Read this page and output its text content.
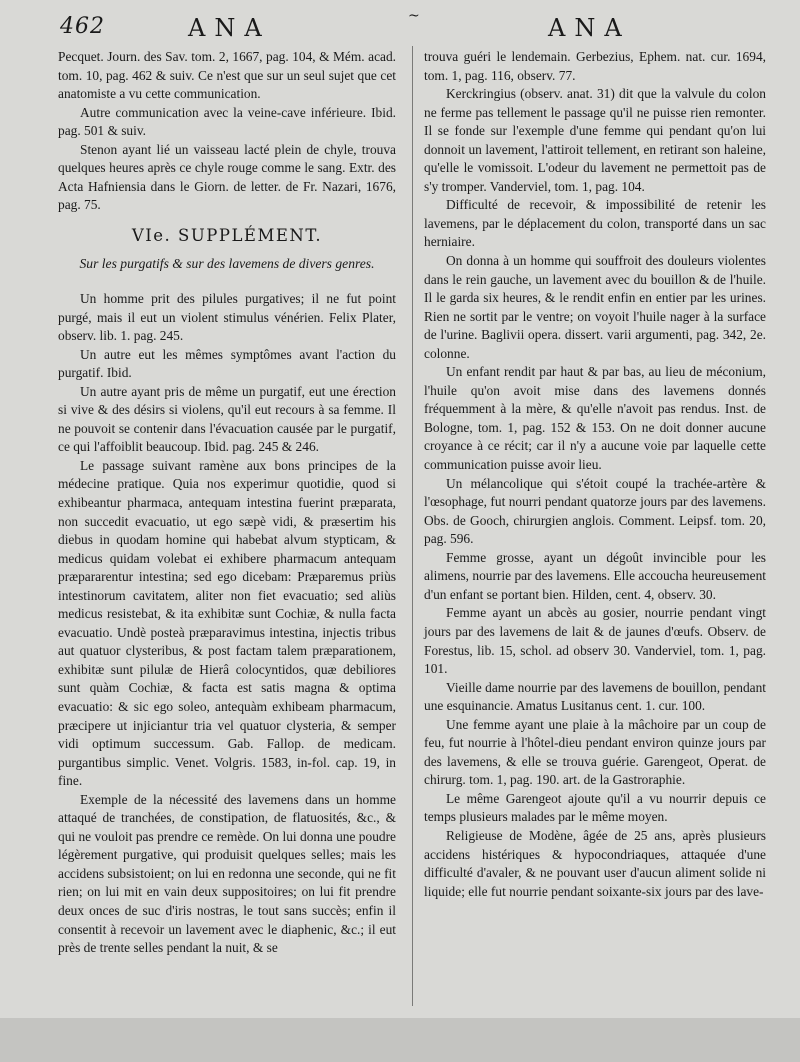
462	ANA	~	ANA

Pecquet. Journ. des Sav. tom. 2, 1667, pag. 104, & Mém. acad. tom. 10, pag. 462 & suiv. Ce n'est que sur un seul sujet que cet anatomiste a vu cette communication.

Autre communication avec la veine-cave inférieure. Ibid. pag. 501 & suiv.

Stenon ayant lié un vaisseau lacté plein de chyle, trouva quelques heures après ce chyle rouge comme le sang. Extr. des Acta Hafniensia dans le Giorn. de letter. de Fr. Nazari, 1676, pag. 75.

VIe. SUPPLÉMENT.
Sur les purgatifs & sur des lavemens de divers genres.

Un homme prit des pilules purgatives; il ne fut point purgé, mais il eut un violent stimulus vénérien. Felix Plater, observ. lib. 1. pag. 245.

Un autre eut les mêmes symptômes avant l'action du purgatif. Ibid.

Un autre ayant pris de même un purgatif, eut une érection si vive & des désirs si violens, qu'il eut recours à sa femme. Il ne pouvoit se contenir dans l'évacuation causée par le purgatif, ce qui l'affoiblit beaucoup. Ibid. pag. 245 & 246.

Le passage suivant ramène aux bons principes de la médecine pratique. Quia nos experimur quotidie, quod si exhibeantur pharmaca, antequam intestina fuerint præparata, non succedit evacuatio, ut ego sæpè vidi, & præsertim his diebus in quodam homine qui habebat alvum stypticam, & medicus quidam volebat ei exhibere pharmacum antequam præpararentur intestina; sed ego dicebam: Præparemus priùs intestinorum cavitatem, aliter non fiet evacuatio; sed aliùs medicus resistebat, & ita exhibitæ sunt Cochiæ, & nulla facta evacuatio. Undè posteà præparavimus intestina, injectis tribus aut quatuor clysteribus, & post factam talem præparationem, exhibitæ sunt pilulæ de Hierâ colocyntidos, quæ debiliores sunt quàm Cochiæ, & facta est satis magna & optima evacuatio: & sic ego soleo, antequàm exhibeam pharmacum, præcipere ut injiciantur tria vel quatuor clysteria, & semper vidi optimum successum. Gab. Fallop. de medicam. purgantibus simplic. Venet. Volgris. 1583, in-fol. cap. 19, in fine.

Exemple de la nécessité des lavemens dans un homme attaqué de tranchées, de constipation, de flatuosités, &c., & qui ne vouloit pas prendre ce remède. On lui donna une poudre légèrement purgative, qui produisit quelques selles; mais les accidens subsistoient; on lui en redonna une seconde, qui ne fit rien; on lui mit en vain deux suppositoires; on lui fit prendre deux onces de suc d'iris nostras, le tout sans succès; enfin il consentit à recevoir un lavement avec le diaphenic, &c.; il eut près de trente selles pendant la nuit, & se

trouva guéri le lendemain. Gerbezius, Ephem. nat. cur. 1694, tom. 1, pag. 116, observ. 77.

Kerckringius (observ. anat. 31) dit que la valvule du colon ne ferme pas tellement le passage qu'il ne puisse rien remonter. Il se fonde sur l'exemple d'une femme qui pendant qu'on lui donnoit un lavement, l'attiroit tellement, en retirant son haleine, qu'elle le vomissoit. L'odeur du lavement ne permettoit pas de s'y tromper. Vanderviel, tom. 1, pag. 104.

Difficulté de recevoir, & impossibilité de retenir les lavemens, par le déplacement du colon, transporté dans un sac herniaire.

On donna à un homme qui souffroit des douleurs violentes dans le rein gauche, un lavement avec du bouillon & de l'huile. Il le garda six heures, & le rendit enfin en entier par les urines. Rien ne sortit par le ventre; on voyoit l'huile nager à la surface de l'urine. Baglivii opera. dissert. varii argumenti, pag. 342, 2e. colonne.

Un enfant rendit par haut & par bas, au lieu de méconium, l'huile qu'on avoit mise dans des lavemens donnés fréquemment à la mère, & qu'elle n'avoit pas rendus. Inst. de Bologne, tom. 1, pag. 152 & 153. On ne doit donner aucune croyance à ce récit; car il n'y a aucune voie par laquelle cette communication puisse avoir lieu.

Un mélancolique qui s'étoit coupé la trachée-artère & l'œsophage, fut nourri pendant quatorze jours par des lavemens. Obs. de Gooch, chirurgien anglois. Comment. Leipsf. tom. 20, pag. 596.

Femme grosse, ayant un dégoût invincible pour les alimens, nourrie par des lavemens. Elle accoucha heureusement d'un enfant se portant bien. Hilden, cent. 4, observ. 30.

Femme ayant un abcès au gosier, nourrie pendant vingt jours par des lavemens de lait & de jaunes d'œufs. Observ. de Forestus, lib. 15, schol. ad observ 30. Vanderviel, tom. 1, pag. 101.

Vieille dame nourrie par des lavemens de bouillon, pendant une esquinancie. Amatus Lusitanus cent. 1. cur. 100.

Une femme ayant une plaie à la mâchoire par un coup de feu, fut nourrie à l'hôtel-dieu pendant environ quinze jours par des lavemens, & elle se trouva guérie. Garengeot, Operat. de chirurg. tom. 1, pag. 190. art. de la Gastroraphie.

Le même Garengeot ajoute qu'il a vu nourrir depuis ce temps plusieurs malades par le même moyen.

Religieuse de Modène, âgée de 25 ans, après plusieurs accidens histériques & hypocondriaques, attaquée d'une difficulté d'avaler, & ne pouvant user d'aucun aliment solide ni liquide; elle fut nourrie pendant soixante-six jours par des lave-
